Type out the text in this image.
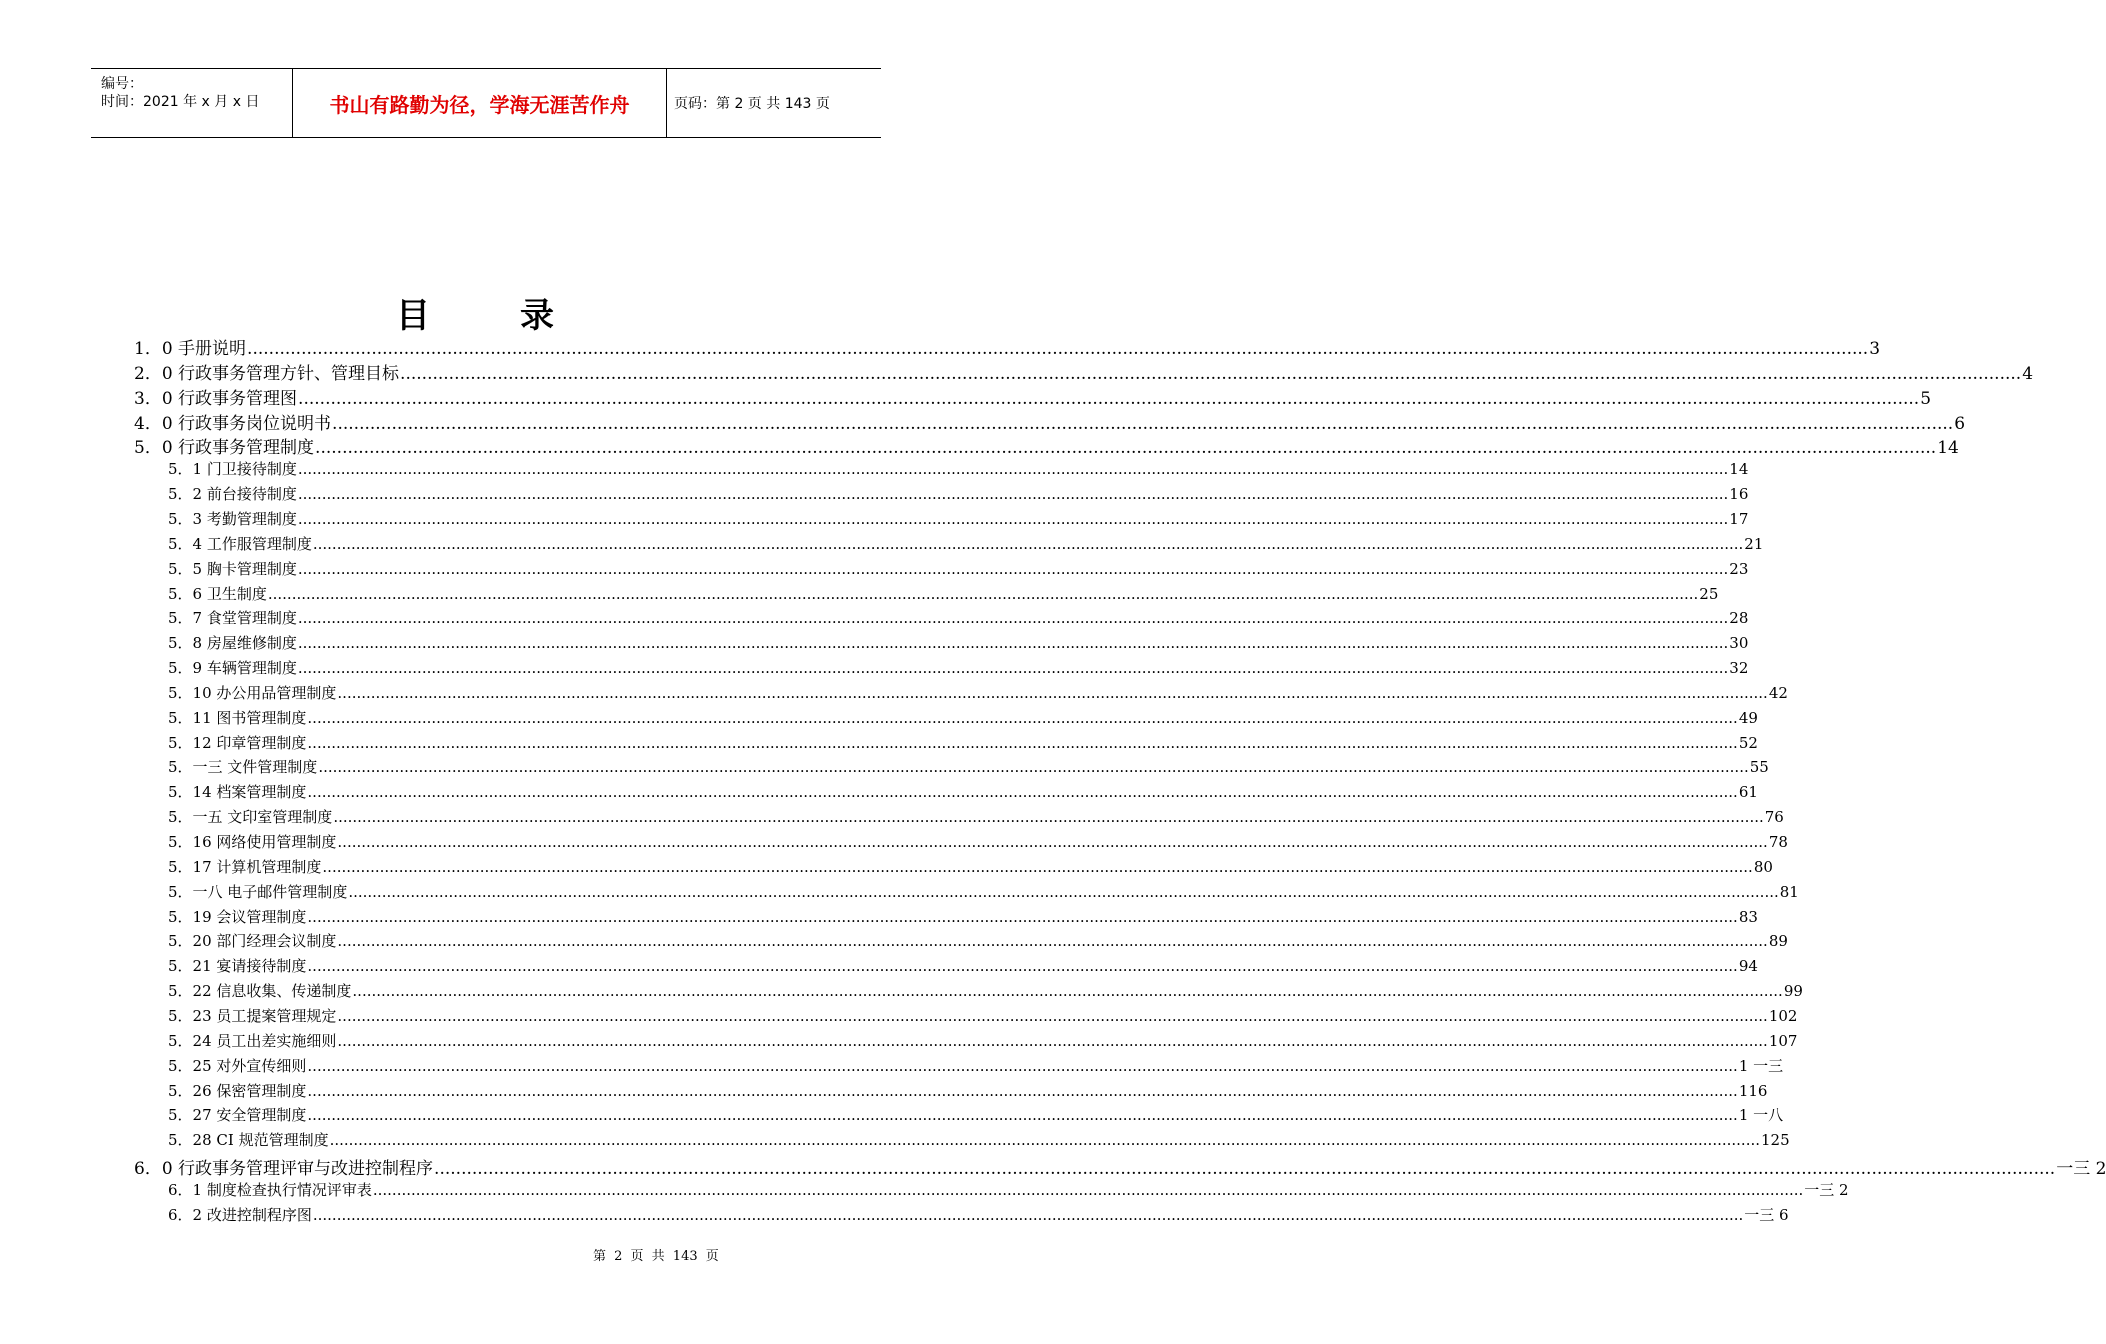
编号：
时间：2021 年 x 月 x 日	书山有路勤为径，学海无涯苦作舟	页码：第 2 页 共 143 页
目	录
1．0 手册说明 ............................................................................................................................................................................................................................................................................................................ 3
2．0 行政事务管理方针、管理目标 ............................................................................................................................................................................................................................................................................................................ 4
3．0 行政事务管理图 ............................................................................................................................................................................................................................................................................................................ 5
4．0 行政事务岗位说明书 ............................................................................................................................................................................................................................................................................................................ 6
5．0 行政事务管理制度 ............................................................................................................................................................................................................................................................................................................ 14
5．1 门卫接待制度 ............................................................................................................................................................................................................................................................................................................ 14
5．2 前台接待制度 ............................................................................................................................................................................................................................................................................................................ 16
5．3 考勤管理制度 ............................................................................................................................................................................................................................................................................................................ 17
5．4 工作服管理制度 ............................................................................................................................................................................................................................................................................................................ 21
5．5 胸卡管理制度 ............................................................................................................................................................................................................................................................................................................ 23
5．6 卫生制度 ............................................................................................................................................................................................................................................................................................................ 25
5．7 食堂管理制度 ............................................................................................................................................................................................................................................................................................................ 28
5．8 房屋维修制度 ............................................................................................................................................................................................................................................................................................................ 30
5．9 车辆管理制度 ............................................................................................................................................................................................................................................................................................................ 32
5．10 办公用品管理制度 ............................................................................................................................................................................................................................................................................................................ 42
5．11 图书管理制度 ............................................................................................................................................................................................................................................................................................................ 49
5．12 印章管理制度 ............................................................................................................................................................................................................................................................................................................ 52
5．一三 文件管理制度 ............................................................................................................................................................................................................................................................................................................ 55
5．14 档案管理制度 ............................................................................................................................................................................................................................................................................................................ 61
5．一五 文印室管理制度 ............................................................................................................................................................................................................................................................................................................ 76
5．16 网络使用管理制度 ............................................................................................................................................................................................................................................................................................................ 78
5．17 计算机管理制度 ............................................................................................................................................................................................................................................................................................................ 80
5．一八 电子邮件管理制度 ............................................................................................................................................................................................................................................................................................................ 81
5．19 会议管理制度 ............................................................................................................................................................................................................................................................................................................ 83
5．20 部门经理会议制度 ............................................................................................................................................................................................................................................................................................................ 89
5．21 宴请接待制度 ............................................................................................................................................................................................................................................................................................................ 94
5．22 信息收集、传递制度 ............................................................................................................................................................................................................................................................................................................ 99
5．23 员工提案管理规定 ............................................................................................................................................................................................................................................................................................................ 102
5．24 员工出差实施细则 ............................................................................................................................................................................................................................................................................................................ 107
5．25 对外宣传细则 ............................................................................................................................................................................................................................................................................................................ 1 一三
5．26 保密管理制度 ............................................................................................................................................................................................................................................................................................................ 116
5．27 安全管理制度 ............................................................................................................................................................................................................................................................................................................ 1 一八
5．28 CI 规范管理制度 ............................................................................................................................................................................................................................................................................................................ 125
6．0 行政事务管理评审与改进控制程序 ............................................................................................................................................................................................................................................................................................................ 一三 2
6．1 制度检查执行情况评审表 ............................................................................................................................................................................................................................................................................................................ 一三 2
6．2 改进控制程序图 ............................................................................................................................................................................................................................................................................................................ 一三 6
第 2 页 共 143 页
